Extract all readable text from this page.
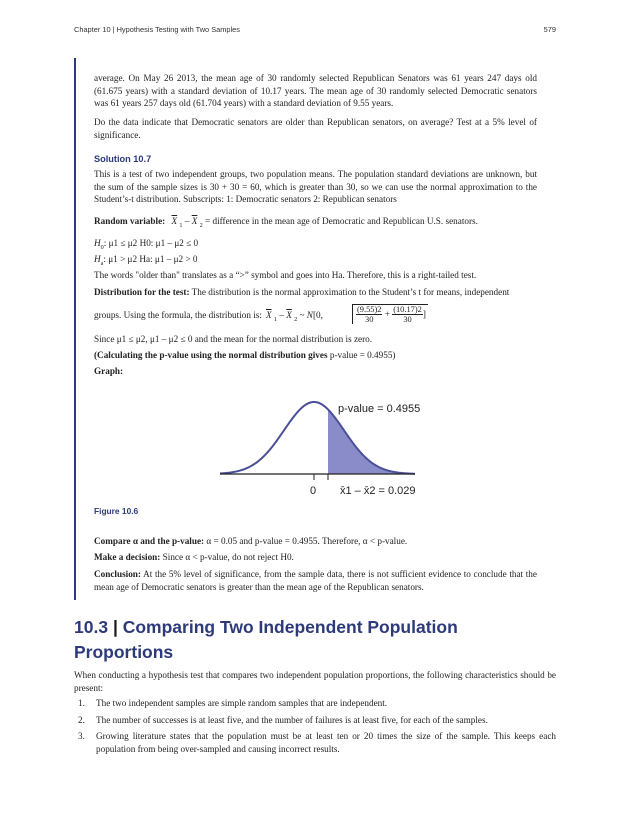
Chapter 10 | Hypothesis Testing with Two Samples	579

average. On May 26 2013, the mean age of 30 randomly selected Republican Senators was 61 years 247 days old (61.675 years) with a standard deviation of 10.17 years. The mean age of 30 randomly selected Democratic senators was 61 years 257 days old (61.704 years) with a standard deviation of 9.55 years.

Do the data indicate that Democratic senators are older than Republican senators, on average? Test at a 5% level of significance.

Solution 10.7

This is a test of two independent groups, two population means. The population standard deviations are unknown, but the sum of the sample sizes is 30 + 30 = 60, which is greater than 30, so we can use the normal approximation to the Student’s-t distribution. Subscripts: 1: Democratic senators 2: Republican senators

Random variable: $\overline{X}$ $_1 - \overline{X}$ $_2$ = difference in the mean age of Democratic and Republican U.S. senators.
$H_0$: μ1 ≤ μ2 H0: μ1 – μ2 ≤ 0
$H_a$: μ1 > μ2 Ha: μ1 – μ2 > 0
The words "older than" translates as a “>” symbol and goes into Ha. Therefore, this is a right-tailed test.
Distribution for the test: The distribution is the normal approximation to the Student’s t for means, independent
groups. Using the formula, the distribution is: $\overline{X}$ $_1 - \overline{X}$ $_2$ ~ N[0,	$\frac{(9.55)2}{30} + \frac{(10.17)2}{30}$ ]
Since μ1 ≤ μ2, μ1 – μ2 ≤ 0 and the mean for the normal distribution is zero.
(Calculating the p-value using the normal distribution gives p-value = 0.4955)
Graph:
0 x̄1 – x̄2 = 0.029
p-value = 0.4955
Figure 10.6
Compare α and the p-value: α = 0.05 and p-value = 0.4955. Therefore, α < p-value.
Make a decision: Since α < p-value, do not reject H0.
Conclusion: At the 5% level of significance, from the sample data, there is not sufficient evidence to conclude that the mean age of Democratic senators is greater than the mean age of the Republican senators.
10.3 | Comparing Two Independent Population
Proportions
When conducting a hypothesis test that compares two independent population proportions, the following characteristics should be present:
1. The two independent samples are simple random samples that are independent.
2. The number of successes is at least five, and the number of failures is at least five, for each of the samples.
3. Growing literature states that the population must be at least ten or 20 times the size of the sample. This keeps each population from being over-sampled and causing incorrect results.
